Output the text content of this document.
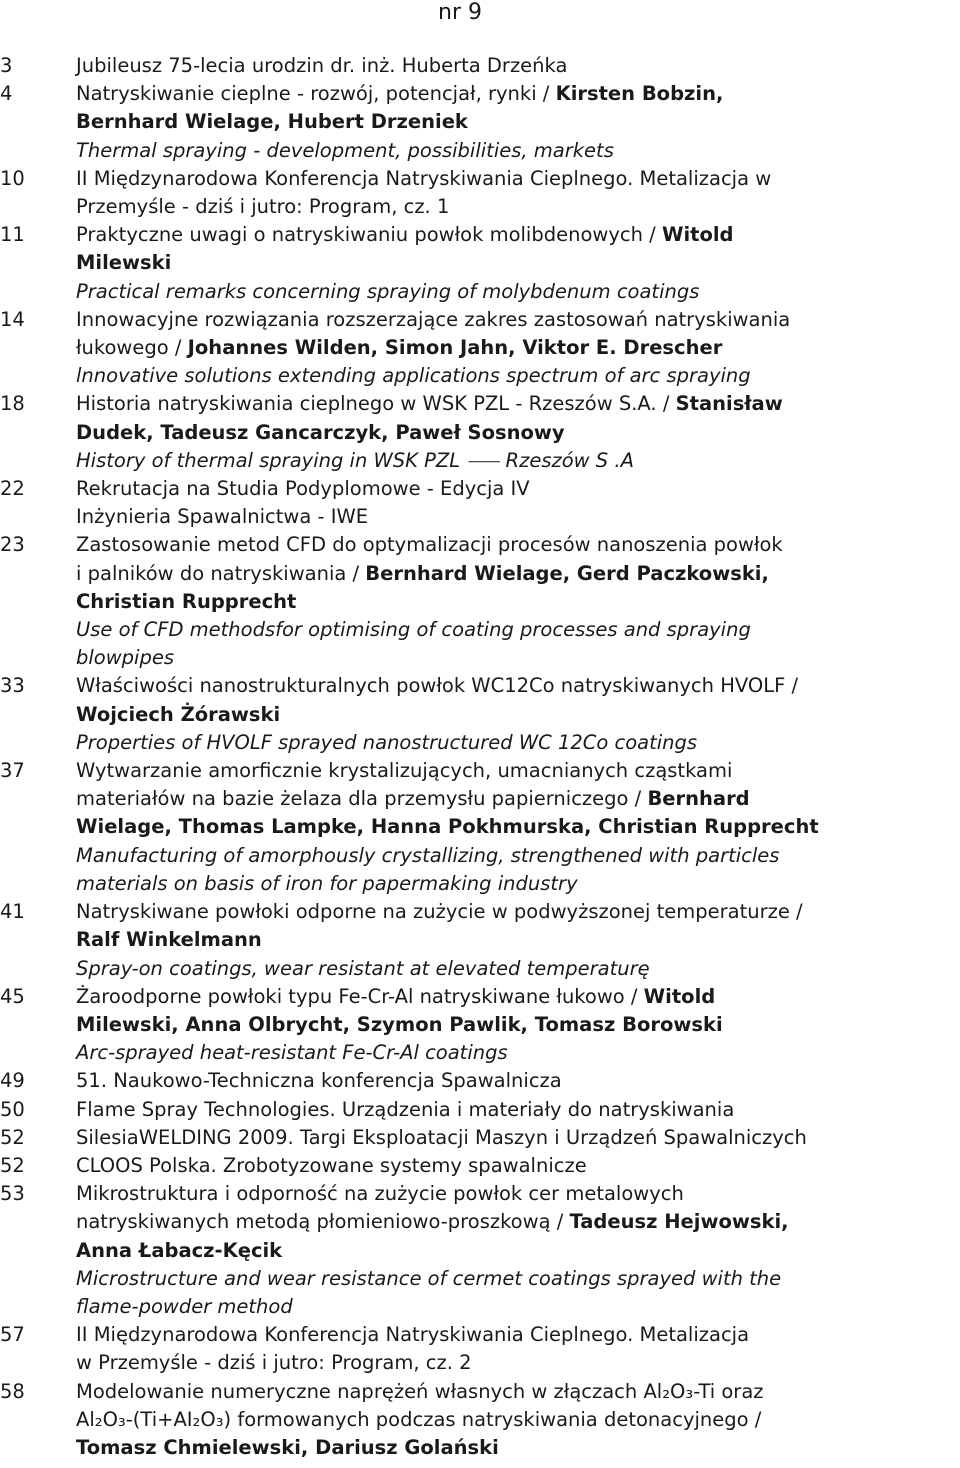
nr 9
3	Jubileusz 75-lecia urodzin dr. inż. Huberta Drzeńka
4	Natryskiwanie cieplne - rozwój, potencjał, rynki / Kirsten Bobzin,
Bernhard Wielage, Hubert Drzeniek
Thermal spraying - development, possibilities, markets
10	II Międzynarodowa Konferencja Natryskiwania Cieplnego. Metalizacja w
Przemyśle - dziś i jutro: Program, cz. 1
11	Praktyczne uwagi o natryskiwaniu powłok molibdenowych / Witold
Milewski
Practical remarks concerning spraying of molybdenum coatings
14	Innowacyjne rozwiązania rozszerzające zakres zastosowań natryskiwania
łukowego / Johannes Wilden, Simon Jahn, Viktor E. Drescher
lnnovative solutions extending applications spectrum of arc spraying
18	Historia natryskiwania cieplnego w WSK PZL - Rzeszów S.A. / Stanisław
Dudek, Tadeusz Gancarczyk, Paweł Sosnowy
History of thermal spraying in WSK PZL ⸺ Rzeszów S .A
22	Rekrutacja na Studia Podyplomowe - Edycja IV
Inżynieria Spawalnictwa - IWE
23	Zastosowanie metod CFD do optymalizacji procesów nanoszenia powłok
i palników do natryskiwania / Bernhard Wielage, Gerd Paczkowski,
Christian Rupprecht
Use of CFD methodsfor optimising of coating processes and spraying
blowpipes
33	Właściwości nanostrukturalnych powłok WC12Co natryskiwanych HVOLF /
Wojciech Żórawski
Properties of HVOLF sprayed nanostructured WC 12Co coatings
37	Wytwarzanie amorficznie krystalizujących, umacnianych cząstkami
materiałów na bazie żelaza dla przemysłu papierniczego / Bernhard
Wielage, Thomas Lampke, Hanna Pokhmurska, Christian Rupprecht
Manufacturing of amorphously crystallizing, strengthened with particles
materials on basis of iron for papermaking industry
41	Natryskiwane powłoki odporne na zużycie w podwyższonej temperaturze /
Ralf Winkelmann
Spray-on coatings, wear resistant at elevated temperaturę
45	Żaroodporne powłoki typu Fe-Cr-Al natryskiwane łukowo / Witold
Milewski, Anna Olbrycht, Szymon Pawlik, Tomasz Borowski
Arc-sprayed heat-resistant Fe-Cr-Al coatings
49	51. Naukowo-Techniczna konferencja Spawalnicza
50	Flame Spray Technologies. Urządzenia i materiały do natryskiwania
52	SilesiaWELDING 2009. Targi Eksploatacji Maszyn i Urządzeń Spawalniczych
52	CLOOS Polska. Zrobotyzowane systemy spawalnicze
53	Mikrostruktura i odporność na zużycie powłok cer metalowych
natryskiwanych metodą płomieniowo-proszkową / Tadeusz Hejwowski,
Anna Łabacz-Kęcik
Microstructure and wear resistance of cermet coatings sprayed with the
flame-powder method
57	II Międzynarodowa Konferencja Natryskiwania Cieplnego. Metalizacja
w Przemyśle - dziś i jutro: Program, cz. 2
58	Modelowanie numeryczne naprężeń własnych w złączach Al₂O₃-Ti oraz
Al₂O₃-(Ti+AI₂O₃) formowanych podczas natryskiwania detonacyjnego /
Tomasz Chmielewski, Dariusz Golański
